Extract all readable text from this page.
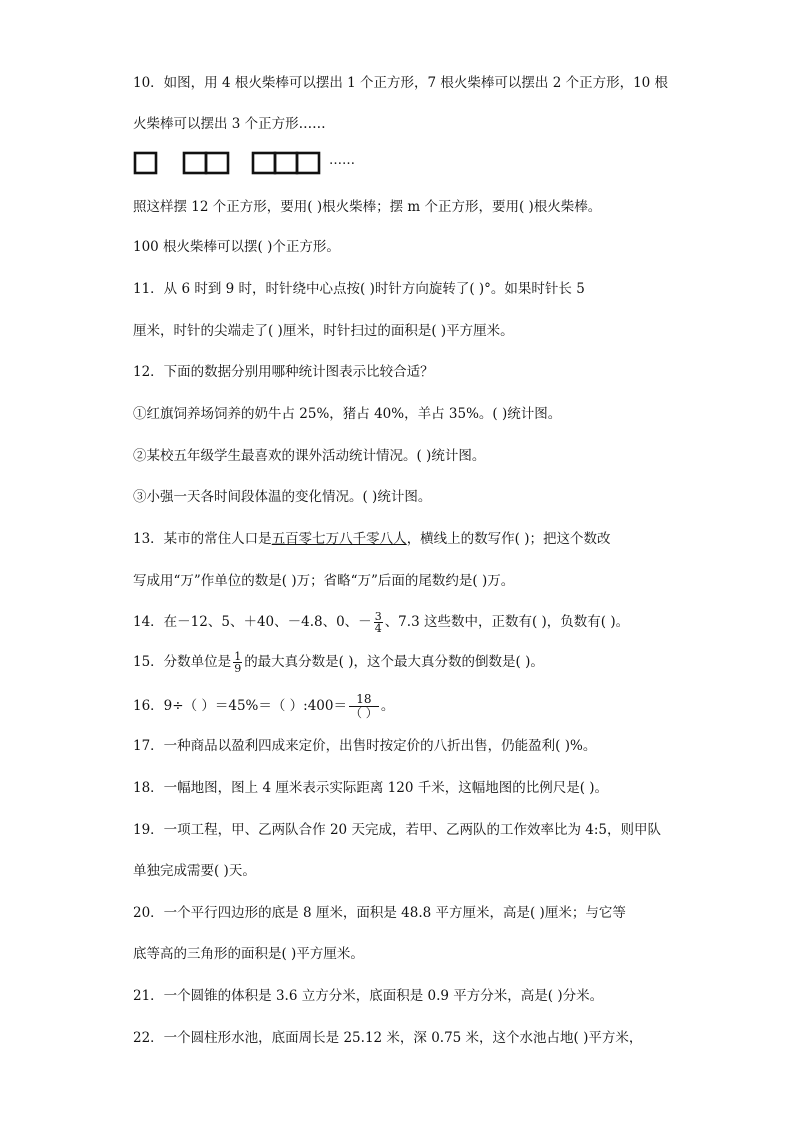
10．如图，用 4 根火柴棒可以摆出 1 个正方形，7 根火柴棒可以摆出 2 个正方形，10 根
火柴棒可以摆出 3 个正方形……
……
照这样摆 12 个正方形，要用( )根火柴棒；摆 m 个正方形，要用( )根火柴棒。
100 根火柴棒可以摆( )个正方形。
11．从 6 时到 9 时，时针绕中心点按( )时针方向旋转了( )°。如果时针长 5
厘米，时针的尖端走了( )厘米，时针扫过的面积是( )平方厘米。
12．下面的数据分别用哪种统计图表示比较合适？
①红旗饲养场饲养的奶牛占 25%，猪占 40%，羊占 35%。( )统计图。
②某校五年级学生最喜欢的课外活动统计情况。( )统计图。
③小强一天各时间段体温的变化情况。( )统计图。
13．某市的常住人口是五百零七万八千零八人，横线上的数写作( )；把这个数改
写成用“万”作单位的数是( )万；省略“万”后面的尾数约是( )万。
14．在－12、5、＋40、－4.8、0、－ $\frac{3}{4}$ 、7.3 这些数中，正数有( )，负数有( )。
15．分数单位是 $\frac{1}{9}$ 的最大真分数是( )，这个最大真分数的倒数是( )。
16．9÷（ ）＝45%＝（ ）:400＝ $\frac{18}{( )}$ 。
17．一种商品以盈利四成来定价，出售时按定价的八折出售，仍能盈利( )%。
18．一幅地图，图上 4 厘米表示实际距离 120 千米，这幅地图的比例尺是( )。
19．一项工程，甲、乙两队合作 20 天完成，若甲、乙两队的工作效率比为 4:5，则甲队
单独完成需要( )天。
20．一个平行四边形的底是 8 厘米，面积是 48.8 平方厘米，高是( )厘米；与它等
底等高的三角形的面积是( )平方厘米。
21．一个圆锥的体积是 3.6 立方分米，底面积是 0.9 平方分米，高是( )分米。
22．一个圆柱形水池，底面周长是 25.12 米，深 0.75 米，这个水池占地( )平方米，
